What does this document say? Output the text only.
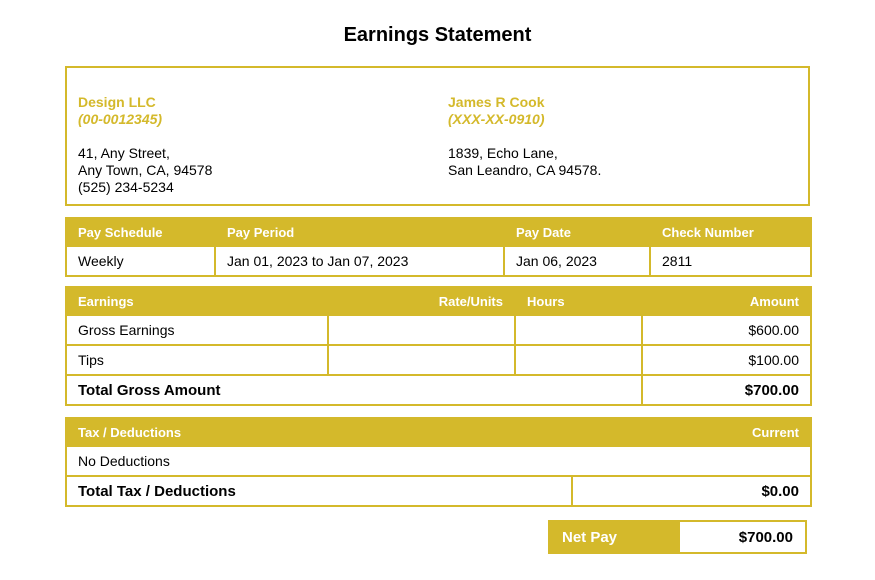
Earnings Statement
Design LLC
(00-0012345)
41, Any Street,
Any Town, CA, 94578
(525) 234-5234
James R Cook
(XXX-XX-0910)
1839, Echo Lane,
San Leandro, CA 94578.
Pay Schedule	Pay Period	Pay Date	Check Number
Weekly	Jan 01, 2023 to Jan 07, 2023	Jan 06, 2023	2811
Earnings	Rate/Units	Hours	Amount
Gross Earnings			$600.00
Tips			$100.00
Total Gross Amount			$700.00
Tax / Deductions	Current
No Deductions	
Total Tax / Deductions	$0.00
Net Pay	$700.00
